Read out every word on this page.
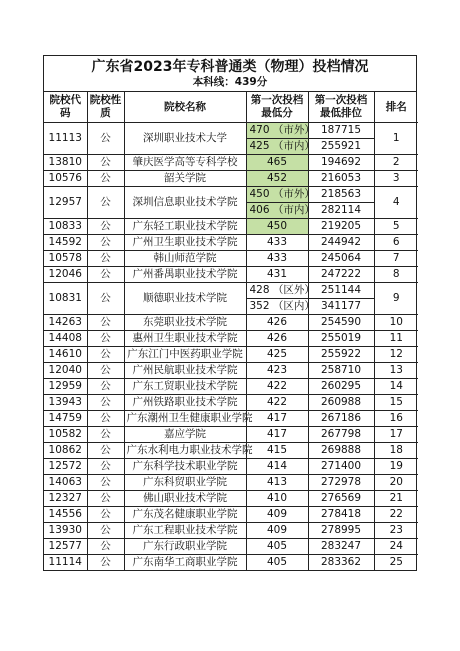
广东省2023年专科普通类（物理）投档情况
本科线：439分
院校代码	院校性质	院校名称	第一次投档最低分	第一次投档最低排位	排名
11113	公	深圳职业技术大学	470 （市外）	187715	1
			425 （市内）	255921	
13810	公	肇庆医学高等专科学校	465	194692	2
10576	公	韶关学院	452	216053	3
12957	公	深圳信息职业技术学院	450 （市外）	218563	4
			406 （市内）	282114	
10833	公	广东轻工职业技术学院	450	219205	5
14592	公	广州卫生职业技术学院	433	244942	6
10578	公	韩山师范学院	433	245064	7
12046	公	广州番禺职业技术学院	431	247222	8
10831	公	顺德职业技术学院	428 （区外）	251144	9
			352 （区内）	341177	
14263	公	东莞职业技术学院	426	254590	10
14408	公	惠州卫生职业技术学院	426	255019	11
14610	公	广东江门中医药职业学院	425	255922	12
12040	公	广州民航职业技术学院	423	258710	13
12959	公	广东工贸职业技术学院	422	260295	14
13943	公	广州铁路职业技术学院	422	260988	15
14759	公	广东潮州卫生健康职业学院	417	267186	16
10582	公	嘉应学院	417	267798	17
10862	公	广东水利电力职业技术学院	415	269888	18
12572	公	广东科学技术职业学院	414	271400	19
14063	公	广东科贸职业学院	413	272978	20
12327	公	佛山职业技术学院	410	276569	21
14556	公	广东茂名健康职业学院	409	278418	22
13930	公	广东工程职业技术学院	409	278995	23
12577	公	广东行政职业学院	405	283247	24
11114	公	广东南华工商职业学院	405	283362	25
